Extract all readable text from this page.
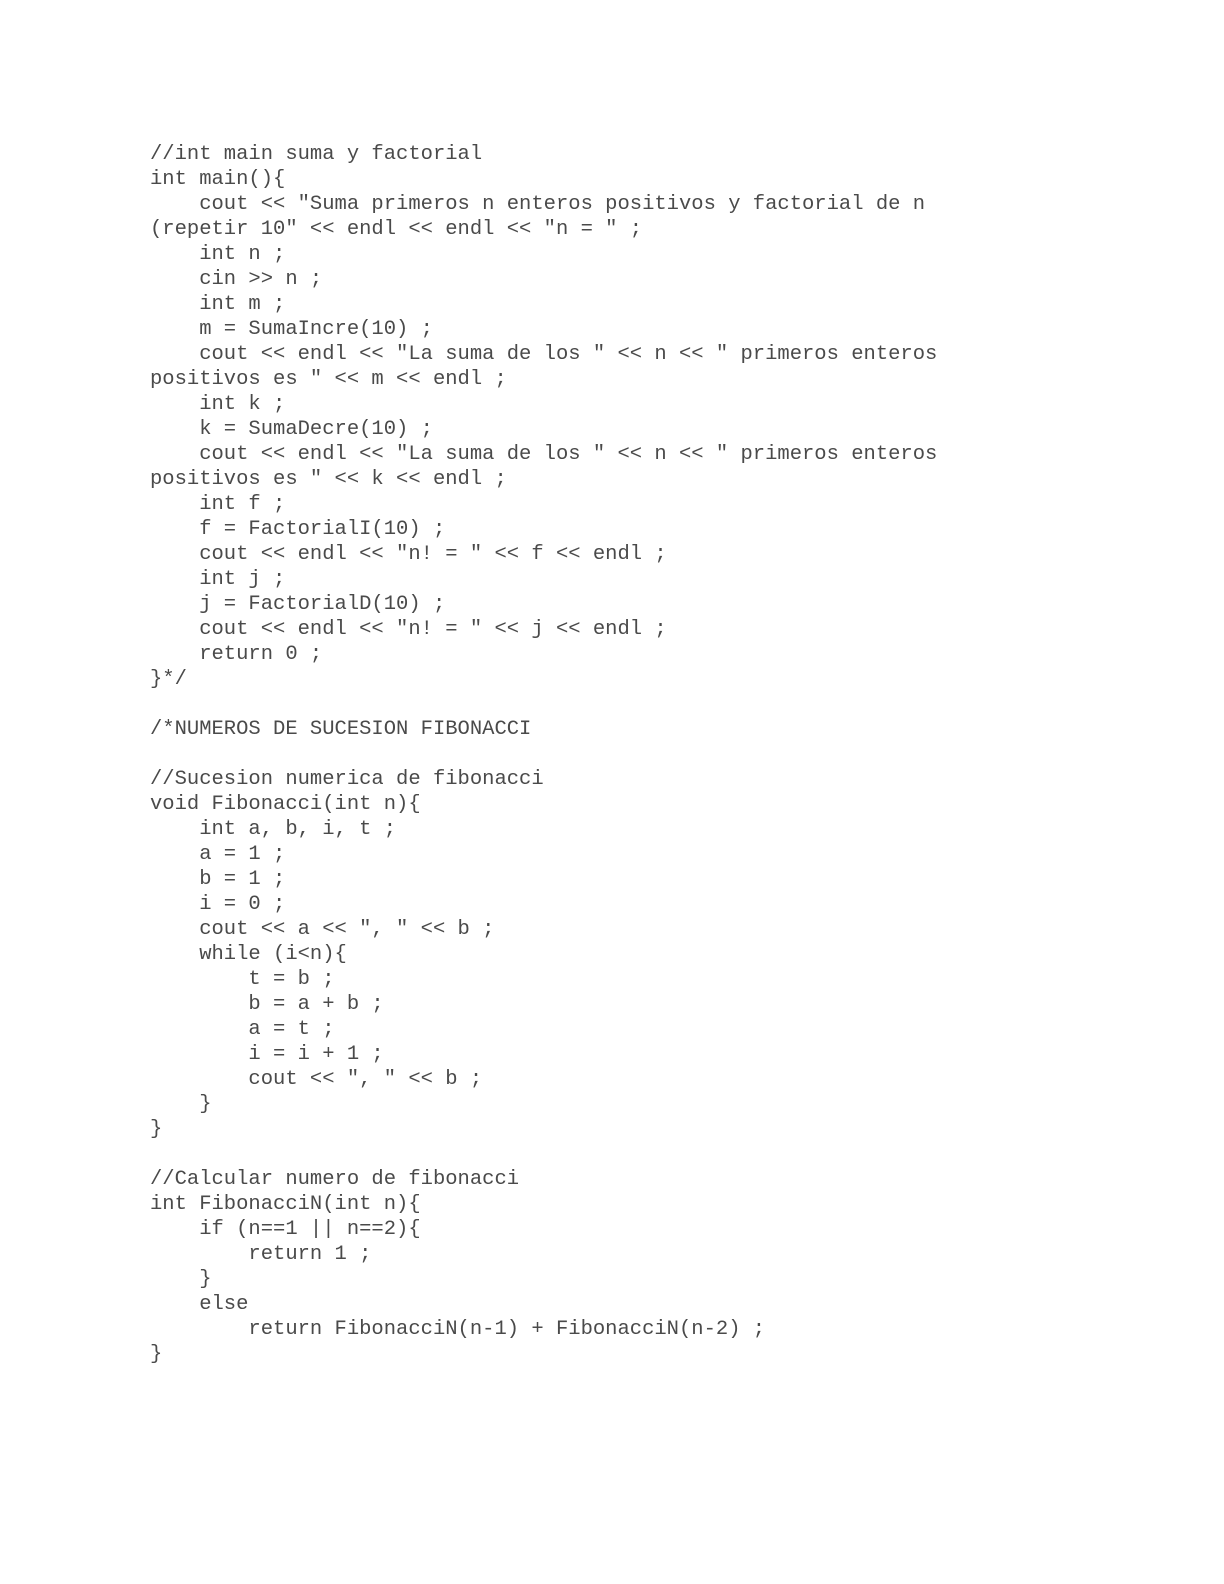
//int main suma y factorial
int main(){
cout << "Suma primeros n enteros positivos y factorial de n
(repetir 10" << endl << endl << "n = " ;
int n ;
cin >> n ;
int m ;
m = SumaIncre(10) ;
cout << endl << "La suma de los " << n << " primeros enteros
positivos es " << m << endl ;
int k ;
k = SumaDecre(10) ;
cout << endl << "La suma de los " << n << " primeros enteros
positivos es " << k << endl ;
int f ;
f = FactorialI(10) ;
cout << endl << "n! = " << f << endl ;
int j ;
j = FactorialD(10) ;
cout << endl << "n! = " << j << endl ;
return 0 ;
}*/
/*NUMEROS DE SUCESION FIBONACCI
//Sucesion numerica de fibonacci
void Fibonacci(int n){
int a, b, i, t ;
a = 1 ;
b = 1 ;
i = 0 ;
cout << a << ", " << b ;
while (i<n){
t = b ;
b = a + b ;
a = t ;
i = i + 1 ;
cout << ", " << b ;
}
}
//Calcular numero de fibonacci
int FibonacciN(int n){
if (n==1 || n==2){
return 1 ;
}
else
return FibonacciN(n-1) + FibonacciN(n-2) ;
}
